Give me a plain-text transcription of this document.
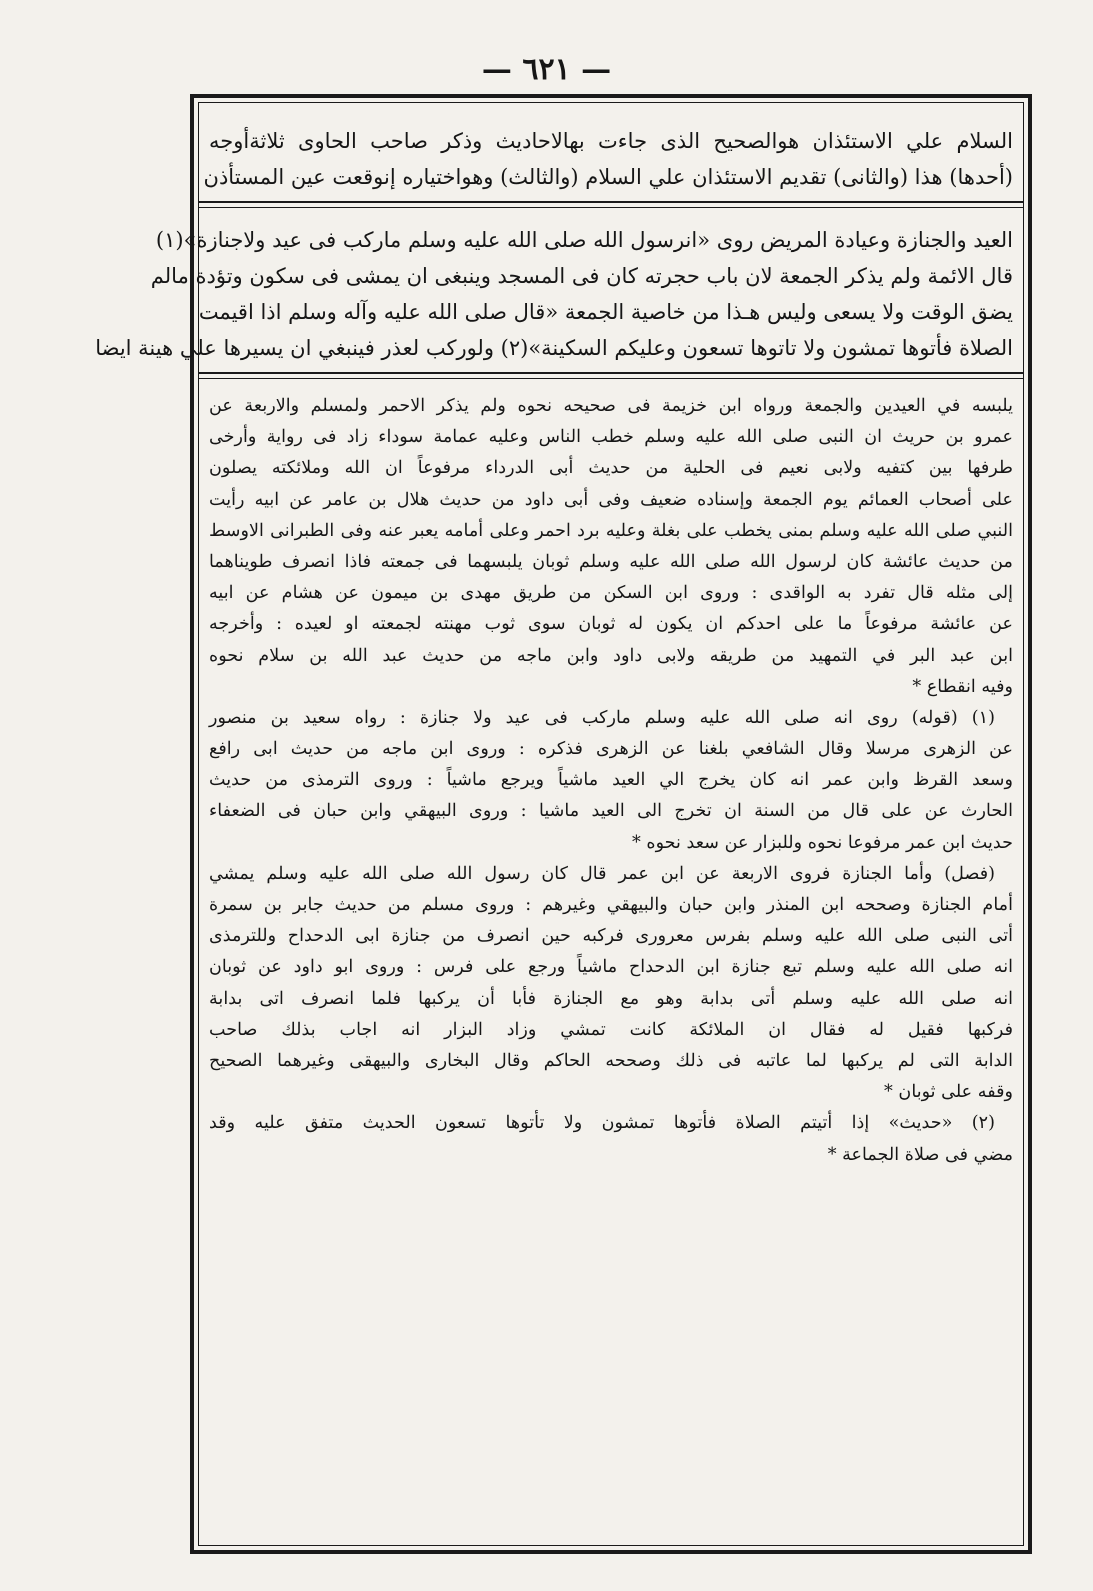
— ٦٢١ —
السلام علي الاستئذان هوالصحيح الذى جاءت بهالاحاديث وذكر صاحب الحاوى ثلاثةأوجه
(أحدها) هذا (والثانى) تقديم الاستئذان علي السلام (والثالث) وهواختياره إنوقعت عين المستأذن
العيد والجنازة وعيادة المريض روى «انرسول الله صلى الله عليه وسلم ماركب فى عيد ولاجنازة»(١)
قال الائمة ولم يذكر الجمعة لان باب حجرته كان فى المسجد وينبغى ان يمشى فى سكون وتؤدة مالم
يضق الوقت ولا يسعى وليس هـذا من خاصية الجمعة «قال صلى الله عليه وآله وسلم اذا اقيمت
الصلاة فأتوها تمشون ولا تاتوها تسعون وعليكم السكينة»(٢) ولوركب لعذر فينبغي ان يسيرها علي هينة ايضا
يلبسه في العيدين والجمعة ورواه ابن خزيمة فى صحيحه نحوه ولم يذكر الاحمر ولمسلم والاربعة عن
عمرو بن حريث ان النبى صلى الله عليه وسلم خطب الناس وعليه عمامة سوداء زاد فى رواية وأرخى
طرفها بين كتفيه ولابى نعيم فى الحلية من حديث أبى الدرداء مرفوعاً ان الله وملائكته يصلون
على أصحاب العمائم يوم الجمعة وإسناده ضعيف وفى أبى داود من حديث هلال بن عامر عن ابيه رأيت
النبي صلى الله عليه وسلم بمنى يخطب على بغلة وعليه برد احمر وعلى أمامه يعبر عنه وفى الطبرانى الاوسط
من حديث عائشة كان لرسول الله صلى الله عليه وسلم ثوبان يلبسهما فى جمعته فاذا انصرف طويناهما
إلى مثله قال تفرد به الواقدى : وروى ابن السكن من طريق مهدى بن ميمون عن هشام عن ابيه
عن عائشة مرفوعاً ما على احدكم ان يكون له ثوبان سوى ثوب مهنته لجمعته او لعيده : وأخرجه
ابن عبد البر في التمهيد من طريقه ولابى داود وابن ماجه من حديث عبد الله بن سلام نحوه
وفيه انقطاع *
(١) (قوله) روى انه صلى الله عليه وسلم ماركب فى عيد ولا جنازة : رواه سعيد بن منصور
عن الزهرى مرسلا وقال الشافعي بلغنا عن الزهرى فذكره : وروى ابن ماجه من حديث ابى رافع
وسعد القرظ وابن عمر انه كان يخرج الي العيد ماشياً ويرجع ماشياً : وروى الترمذى من حديث
الحارث عن على قال من السنة ان تخرج الى العيد ماشيا : وروى البيهقي وابن حبان فى الضعفاء
حديث ابن عمر مرفوعا نحوه وللبزار عن سعد نحوه *
(فصل) وأما الجنازة فروى الاربعة عن ابن عمر قال كان رسول الله صلى الله عليه وسلم يمشي
أمام الجنازة وصححه ابن المنذر وابن حبان والبيهقي وغيرهم : وروى مسلم من حديث جابر بن سمرة
أتى النبى صلى الله عليه وسلم بفرس معرورى فركبه حين انصرف من جنازة ابى الدحداح وللترمذى
انه صلى الله عليه وسلم تبع جنازة ابن الدحداح ماشياً ورجع على فرس : وروى ابو داود عن ثوبان
انه صلى الله عليه وسلم أتى بدابة وهو مع الجنازة فأبا أن يركبها فلما انصرف اتى بدابة
فركبها فقيل له فقال ان الملائكة كانت تمشي وزاد البزار انه اجاب بذلك صاحب
الدابة التى لم يركبها لما عاتبه فى ذلك وصححه الحاكم وقال البخارى والبيهقى وغيرهما الصحيح
وقفه على ثوبان *
(٢) «حديث» إذا أتيتم الصلاة فأتوها تمشون ولا تأتوها تسعون الحديث متفق عليه وقد
مضي فى صلاة الجماعة *
